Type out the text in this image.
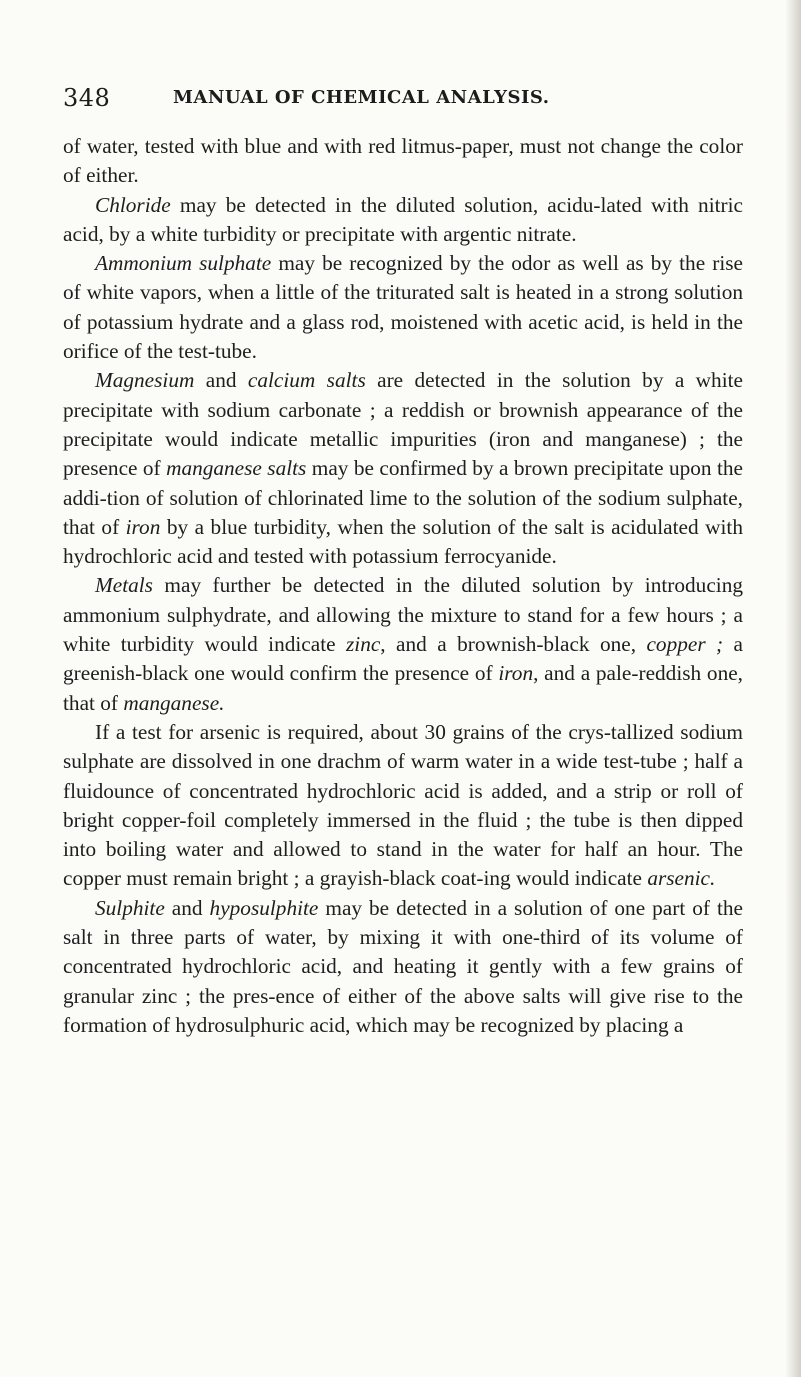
348	MANUAL OF CHEMICAL ANALYSIS.

of water, tested with blue and with red litmus-paper, must not change the color of either.

Chloride may be detected in the diluted solution, acidu-lated with nitric acid, by a white turbidity or precipitate with argentic nitrate.

Ammonium sulphate may be recognized by the odor as well as by the rise of white vapors, when a little of the triturated salt is heated in a strong solution of potassium hydrate and a glass rod, moistened with acetic acid, is held in the orifice of the test-tube.

Magnesium and calcium salts are detected in the solution by a white precipitate with sodium carbonate ; a reddish or brownish appearance of the precipitate would indicate metallic impurities (iron and manganese) ; the presence of manganese salts may be confirmed by a brown precipitate upon the addi-tion of solution of chlorinated lime to the solution of the sodium sulphate, that of iron by a blue turbidity, when the solution of the salt is acidulated with hydrochloric acid and tested with potassium ferrocyanide.

Metals may further be detected in the diluted solution by introducing ammonium sulphydrate, and allowing the mixture to stand for a few hours ; a white turbidity would indicate zinc, and a brownish-black one, copper ; a greenish-black one would confirm the presence of iron, and a pale-reddish one, that of manganese.

If a test for arsenic is required, about 30 grains of the crys-tallized sodium sulphate are dissolved in one drachm of warm water in a wide test-tube ; half a fluidounce of concentrated hydrochloric acid is added, and a strip or roll of bright copper-foil completely immersed in the fluid ; the tube is then dipped into boiling water and allowed to stand in the water for half an hour. The copper must remain bright ; a grayish-black coat-ing would indicate arsenic.

Sulphite and hyposulphite may be detected in a solution of one part of the salt in three parts of water, by mixing it with one-third of its volume of concentrated hydrochloric acid, and heating it gently with a few grains of granular zinc ; the pres-ence of either of the above salts will give rise to the formation of hydrosulphuric acid, which may be recognized by placing a
